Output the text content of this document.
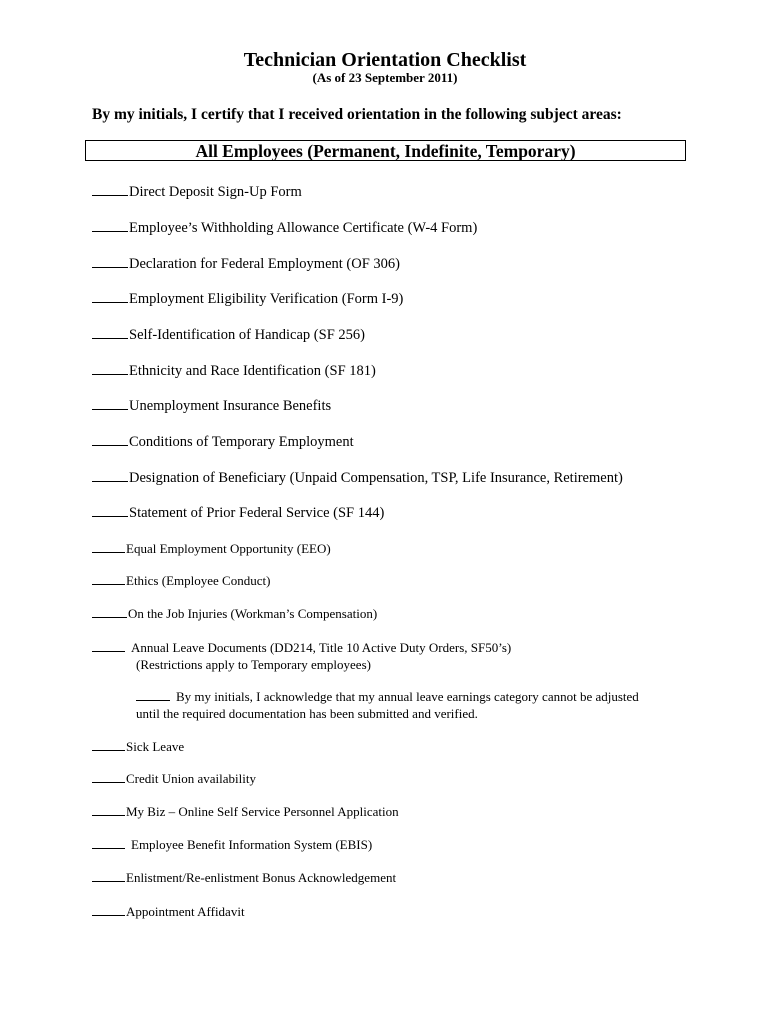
Technician Orientation Checklist
(As of 23 September 2011)
By my initials, I certify that I received orientation in the following subject areas:
All Employees (Permanent, Indefinite, Temporary)
Direct Deposit Sign-Up Form
Employee’s Withholding Allowance Certificate (W-4 Form)
Declaration for Federal Employment (OF 306)
Employment Eligibility Verification (Form I-9)
Self-Identification of Handicap (SF 256)
Ethnicity and Race Identification (SF 181)
Unemployment Insurance Benefits
Conditions of Temporary Employment
Designation of Beneficiary (Unpaid Compensation, TSP, Life Insurance, Retirement)
Statement of Prior Federal Service (SF 144)
Equal Employment Opportunity (EEO)
Ethics (Employee Conduct)
On the Job Injuries (Workman’s Compensation)
Annual Leave Documents (DD214, Title 10 Active Duty Orders, SF50’s)
(Restrictions apply to Temporary employees)
By my initials, I acknowledge that my annual leave earnings category cannot be adjusted
until the required documentation has been submitted and verified.
Sick Leave
Credit Union availability
My Biz – Online Self Service Personnel Application
Employee Benefit Information System (EBIS)
Enlistment/Re-enlistment Bonus Acknowledgement
Appointment Affidavit
